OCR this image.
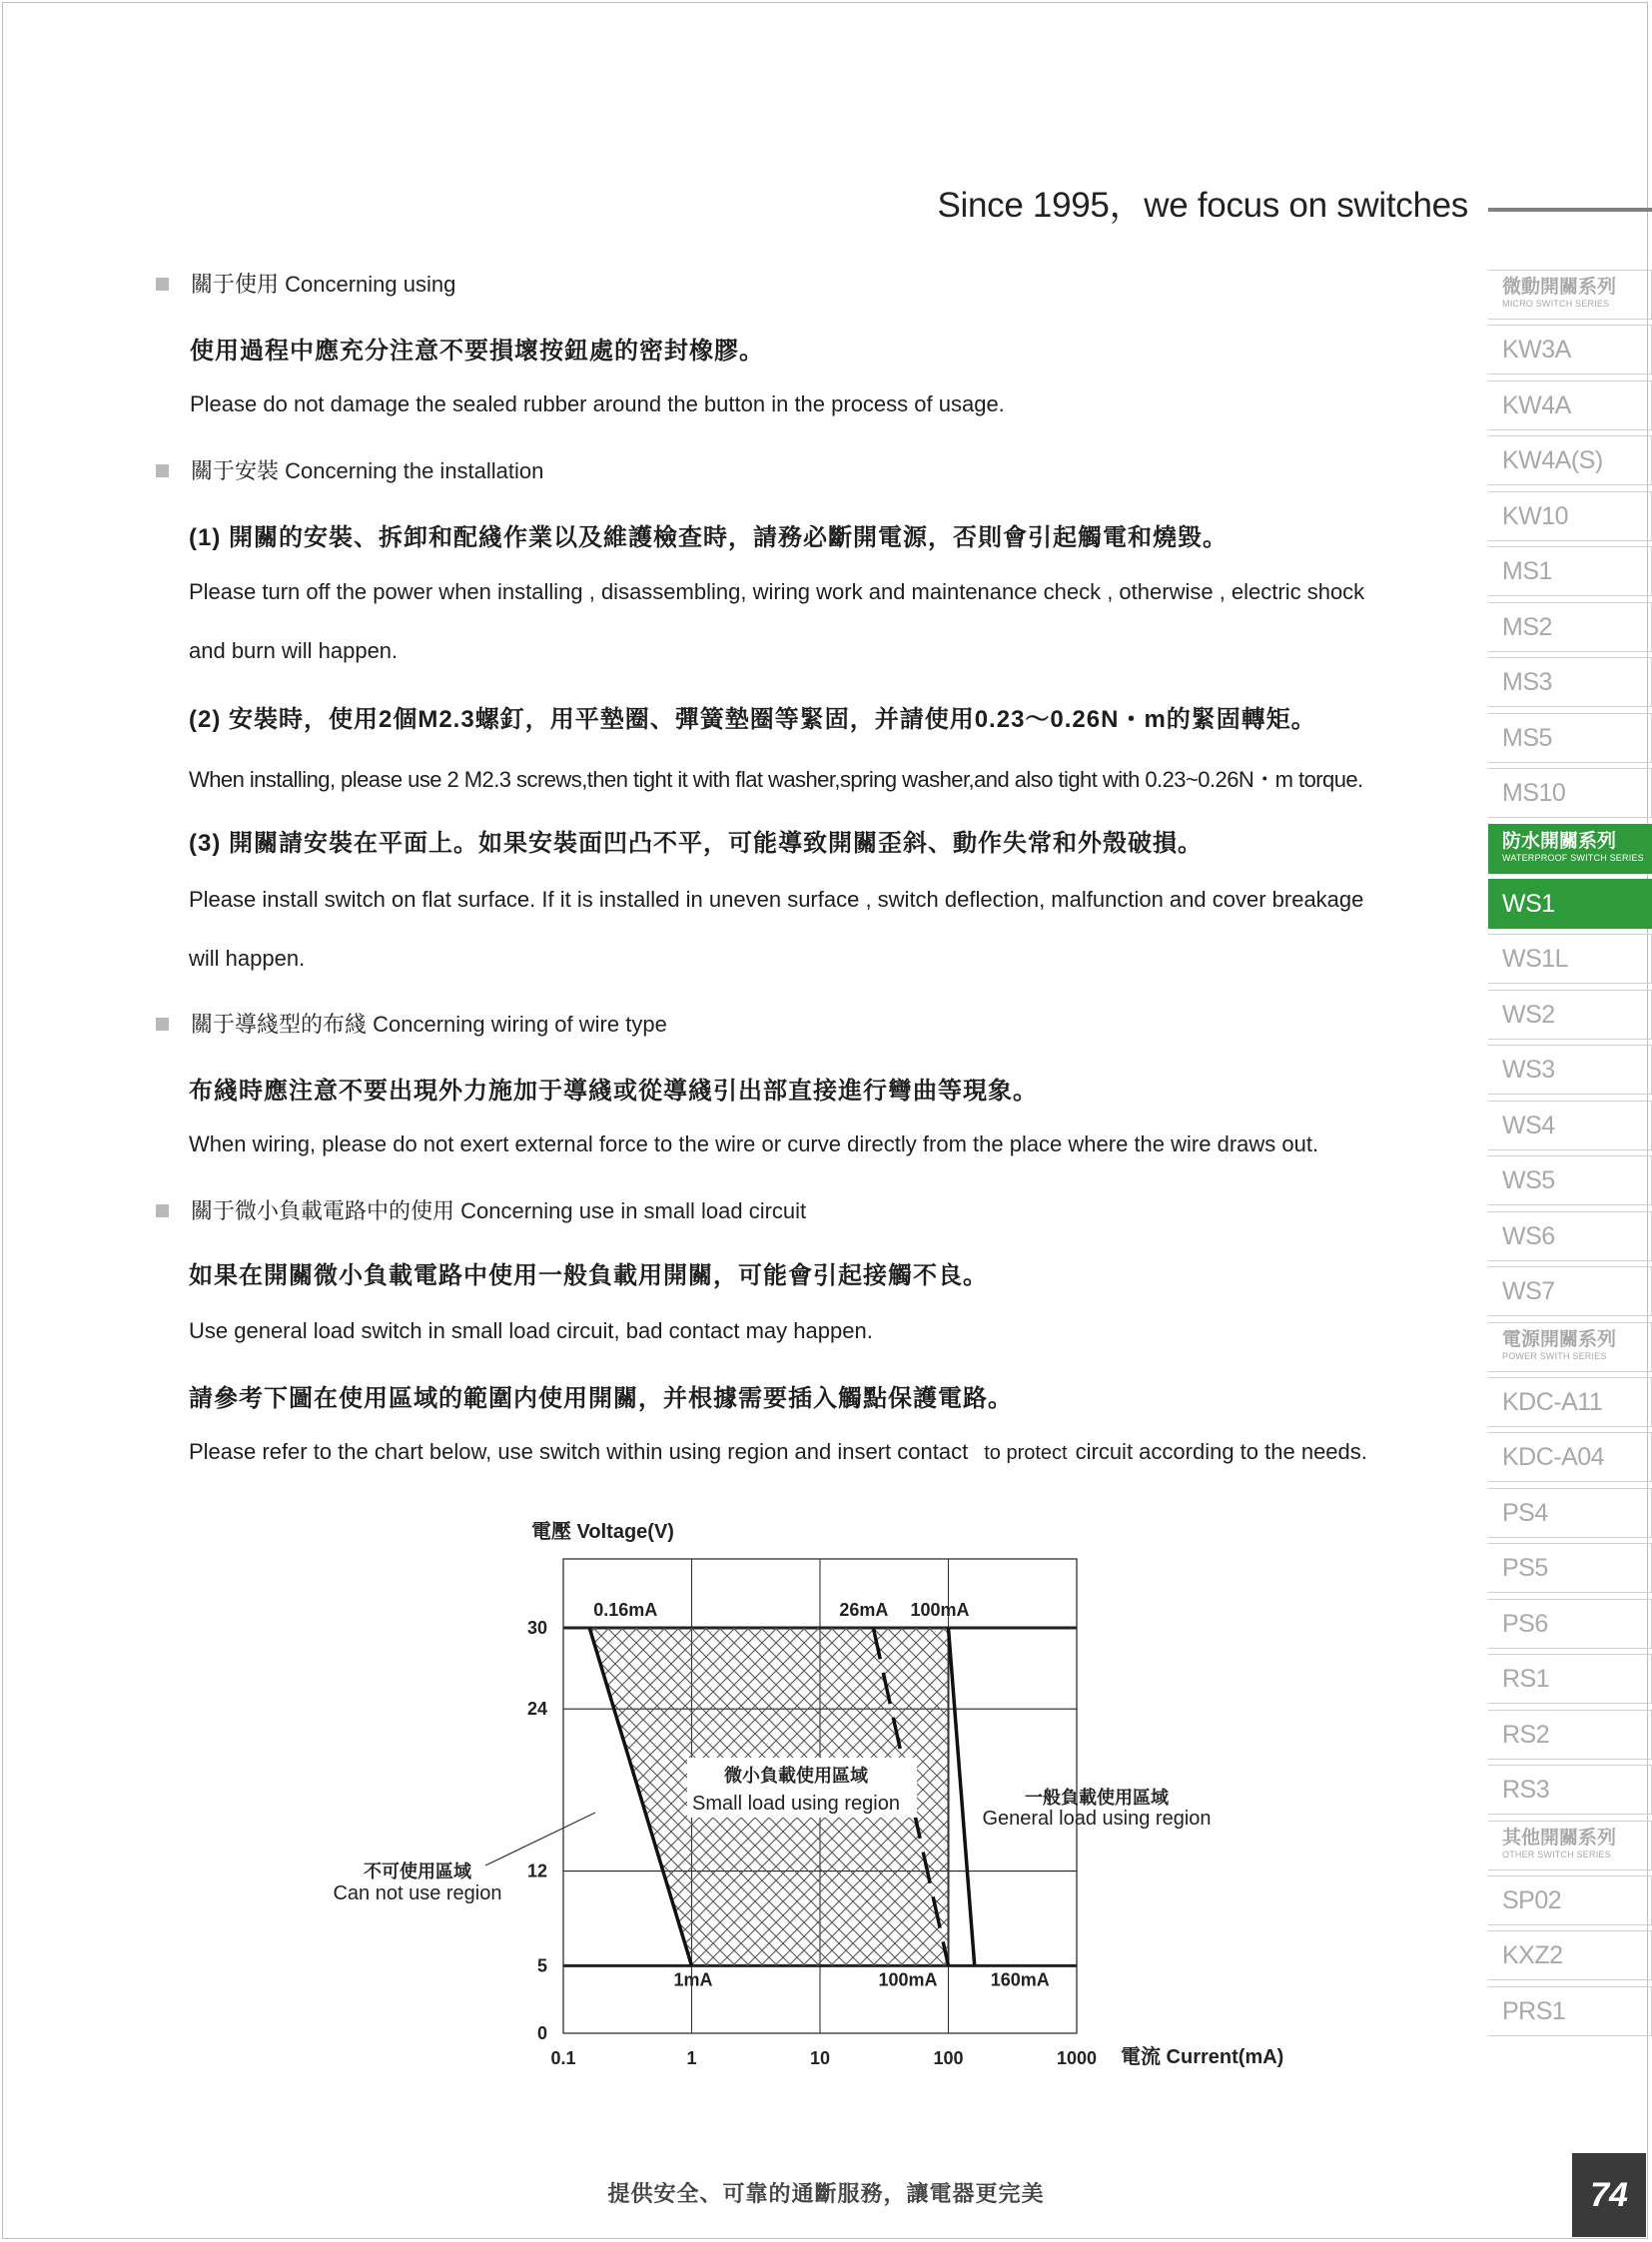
Since 1995，we focus on switches
微動開關系列
MICRO SWITCH SERIES
KW3A
KW4A
KW4A(S)
KW10
MS1
MS2
MS3
MS5
MS10
防水開關系列
WATERPROOF SWITCH SERIES
WS1
WS1L
WS2
WS3
WS4
WS5
WS6
WS7
電源開關系列
POWER SWITH SERIES
KDC-A11
KDC-A04
PS4
PS5
PS6
RS1
RS2
RS3
其他開關系列
OTHER SWITCH SERIES
SP02
KXZ2
PRS1
關于使用 Concerning using
使用過程中應充分注意不要損壞按鈕處的密封橡膠。
Please do not damage the sealed rubber around the button in the process of usage.
關于安裝 Concerning the installation
(1) 開關的安裝、拆卸和配綫作業以及維護檢查時，請務必斷開電源，否則會引起觸電和燒毀。
Please turn off the power when installing , disassembling, wiring work and maintenance check , otherwise , electric shock
and burn will happen.
(2) 安裝時，使用2個M2.3螺釘，用平墊圈、彈簧墊圈等緊固，并請使用0.23～0.26N・m的緊固轉矩。
When installing, please use 2 M2.3 screws,then tight it with flat washer,spring washer,and also tight with 0.23~0.26N・m torque.
(3) 開關請安裝在平面上。如果安裝面凹凸不平，可能導致開關歪斜、動作失常和外殼破損。
Please install switch on flat surface. If it is installed in uneven surface , switch deflection, malfunction and cover breakage
will happen.
關于導綫型的布綫 Concerning wiring of wire type
布綫時應注意不要出現外力施加于導綫或從導綫引出部直接進行彎曲等現象。
When wiring, please do not exert external force to the wire or curve directly from the place where the wire draws out.
關于微小負載電路中的使用 Concerning use in small load circuit
如果在開關微小負載電路中使用一般負載用開關，可能會引起接觸不良。
Use general load switch in small load circuit, bad contact may happen.
請參考下圖在使用區域的範圍内使用開關，并根據需要插入觸點保護電路。
Please refer to the chart below, use switch within using region and insert contact to protect circuit according to the needs.
0.1	1	10	100	1000
0
5
12
24
30
電壓 Voltage(V)
電流 Current(mA)
0.16mA	26mA 100mA
1mA	100mA	160mA
微小負載使用區域
Small load using region	一般負載使用區域
General load using region
不可使用區域
Can not use region
提供安全、可靠的通斷服務，讓電器更完美	74
